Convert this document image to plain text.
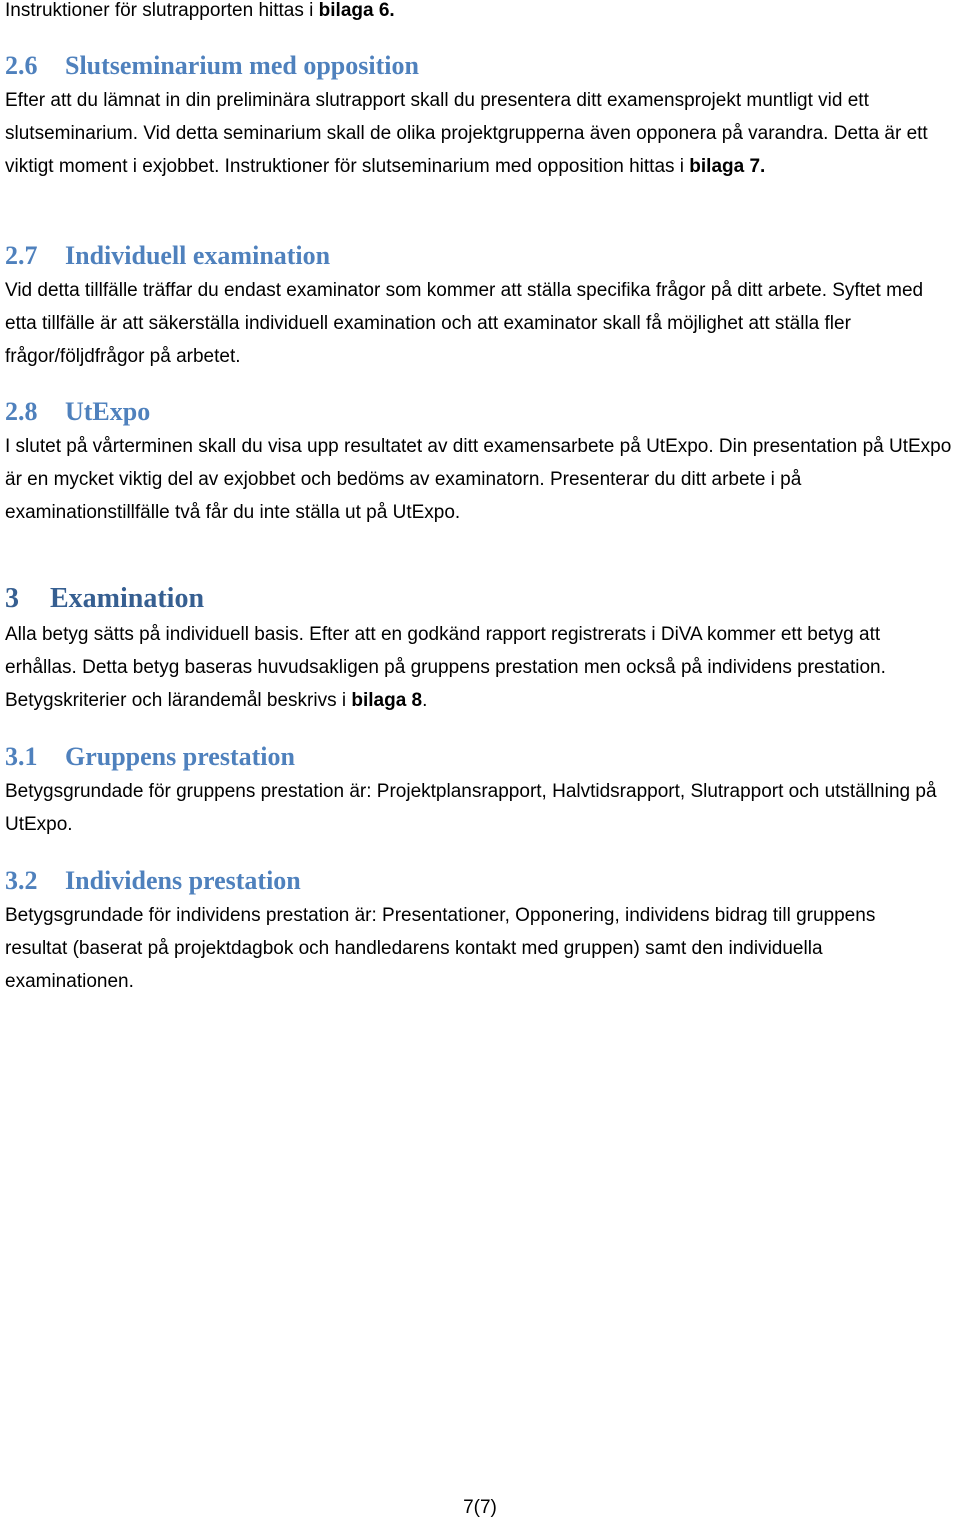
Instruktioner för slutrapporten hittas i bilaga 6.

2.6	Slutseminarium med opposition

Efter att du lämnat in din preliminära slutrapport skall du presentera ditt examensprojekt muntligt vid ett slutseminarium. Vid detta seminarium skall de olika projektgrupperna även opponera på varandra. Detta är ett viktigt moment i exjobbet. Instruktioner för slutseminarium med opposition hittas i bilaga 7.

2.7	Individuell examination

Vid detta tillfälle träffar du endast examinator som kommer att ställa specifika frågor på ditt arbete. Syftet med etta tillfälle är att säkerställa individuell examination och att examinator skall få möjlighet att ställa fler frågor/följdfrågor på arbetet.

2.8	UtExpo

I slutet på vårterminen skall du visa upp resultatet av ditt examensarbete på UtExpo. Din presentation på UtExpo är en mycket viktig del av exjobbet och bedöms av examinatorn. Presenterar du ditt arbete i på examinationstillfälle två får du inte ställa ut på UtExpo.

3	Examination

Alla betyg sätts på individuell basis. Efter att en godkänd rapport registrerats i DiVA kommer ett betyg att erhållas. Detta betyg baseras huvudsakligen på gruppens prestation men också på individens prestation. Betygskriterier och lärandemål beskrivs i bilaga 8.

3.1	Gruppens prestation

Betygsgrundade för gruppens prestation är: Projektplansrapport, Halvtidsrapport, Slutrapport och utställning på UtExpo.

3.2	Individens prestation

Betygsgrundade för individens prestation är: Presentationer, Opponering, individens bidrag till gruppens resultat (baserat på projektdagbok och handledarens kontakt med gruppen) samt den individuella examinationen.

7(7)
